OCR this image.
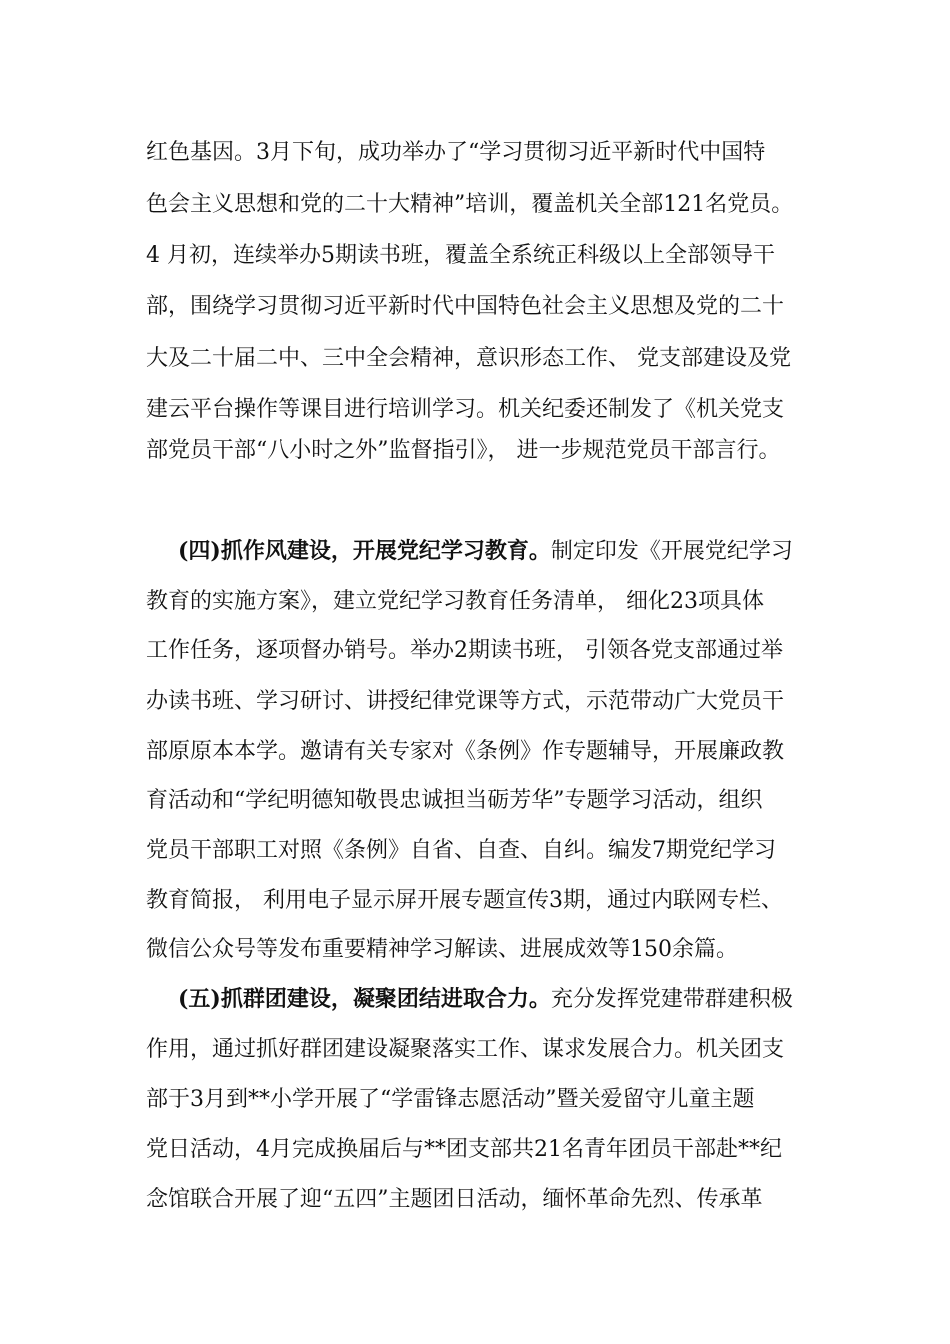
红色基因。3月下旬，成功举办了“学习贯彻习近平新时代中国特
色会主义思想和党的二十大精神”培训，覆盖机关全部121名党员。
4 月初，连续举办5期读书班，覆盖全系统正科级以上全部领导干
部，围绕学习贯彻习近平新时代中国特色社会主义思想及党的二十
大及二十届二中、三中全会精神，意识形态工作、 党支部建设及党
建云平台操作等课目进行培训学习。机关纪委还制发了《机关党支
部党员干部“八小时之外”监督指引》， 进一步规范党员干部言行。
(四)抓作风建设，开展党纪学习教育。制定印发《开展党纪学习
教育的实施方案》，建立党纪学习教育任务清单， 细化23项具体
工作任务，逐项督办销号。举办2期读书班， 引领各党支部通过举
办读书班、学习研讨、讲授纪律党课等方式，示范带动广大党员干
部原原本本学。邀请有关专家对《条例》作专题辅导，开展廉政教
育活动和“学纪明德知敬畏忠诚担当砺芳华”专题学习活动，组织
党员干部职工对照《条例》自省、自查、自纠。编发7期党纪学习
教育简报， 利用电子显示屏开展专题宣传3期，通过内联网专栏、
微信公众号等发布重要精神学习解读、进展成效等150余篇。
(五)抓群团建设，凝聚团结进取合力。充分发挥党建带群建积极
作用，通过抓好群团建设凝聚落实工作、谋求发展合力。机关团支
部于3月到**小学开展了“学雷锋志愿活动”暨关爱留守儿童主题
党日活动，4月完成换届后与**团支部共21名青年团员干部赴**纪
念馆联合开展了迎“五四”主题团日活动，缅怀革命先烈、传承革
